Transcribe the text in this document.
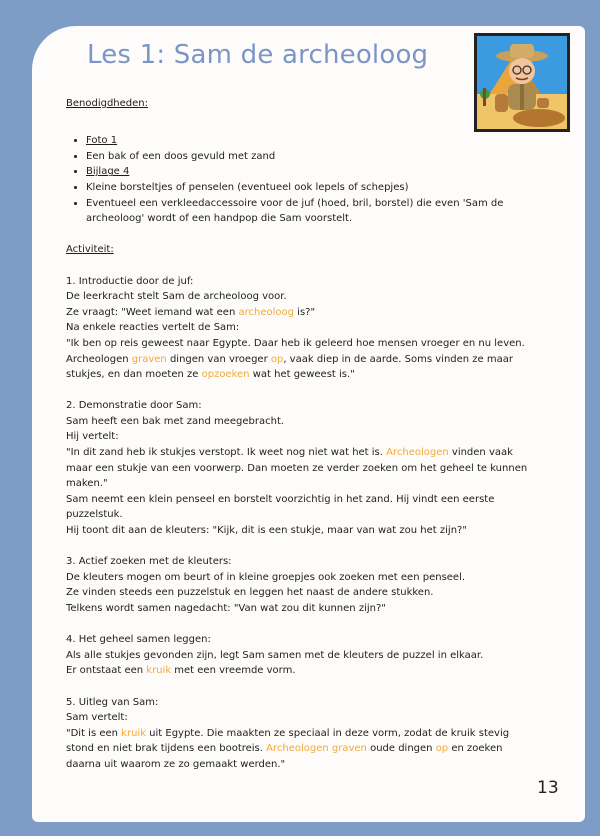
Les 1: Sam de archeoloog

Benodigdheden:

• Foto 1
• Een bak of een doos gevuld met zand
• Bijlage 4
• Kleine borsteltjes of penselen (eventueel ook lepels of schepjes)
• Eventueel een verkleedaccessoire voor de juf (hoed, bril, borstel) die even 'Sam de archeoloog' wordt of een handpop die Sam voorstelt.

Activiteit:

1. Introductie door de juf:

De leerkracht stelt Sam de archeoloog voor.

Ze vraagt: "Weet iemand wat een archeoloog is?"

Na enkele reacties vertelt de Sam:

"Ik ben op reis geweest naar Egypte. Daar heb ik geleerd hoe mensen vroeger en nu leven. Archeologen graven dingen van vroeger op, vaak diep in de aarde. Soms vinden ze maar stukjes, en dan moeten ze opzoeken wat het geweest is."

2. Demonstratie door Sam:

Sam heeft een bak met zand meegebracht.

Hij vertelt:

"In dit zand heb ik stukjes verstopt. Ik weet nog niet wat het is. Archeologen vinden vaak maar een stukje van een voorwerp. Dan moeten ze verder zoeken om het geheel te kunnen maken."

Sam neemt een klein penseel en borstelt voorzichtig in het zand. Hij vindt een eerste puzzelstuk.

Hij toont dit aan de kleuters: "Kijk, dit is een stukje, maar van wat zou het zijn?"

3. Actief zoeken met de kleuters:

De kleuters mogen om beurt of in kleine groepjes ook zoeken met een penseel.

Ze vinden steeds een puzzelstuk en leggen het naast de andere stukken.

Telkens wordt samen nagedacht: "Van wat zou dit kunnen zijn?"

4. Het geheel samen leggen:

Als alle stukjes gevonden zijn, legt Sam samen met de kleuters de puzzel in elkaar.

Er ontstaat een kruik met een vreemde vorm.

5. Uitleg van Sam:

Sam vertelt:

"Dit is een kruik uit Egypte. Die maakten ze speciaal in deze vorm, zodat de kruik stevig stond en niet brak tijdens een bootreis. Archeologen graven oude dingen op en zoeken daarna uit waarom ze zo gemaakt werden."

13
